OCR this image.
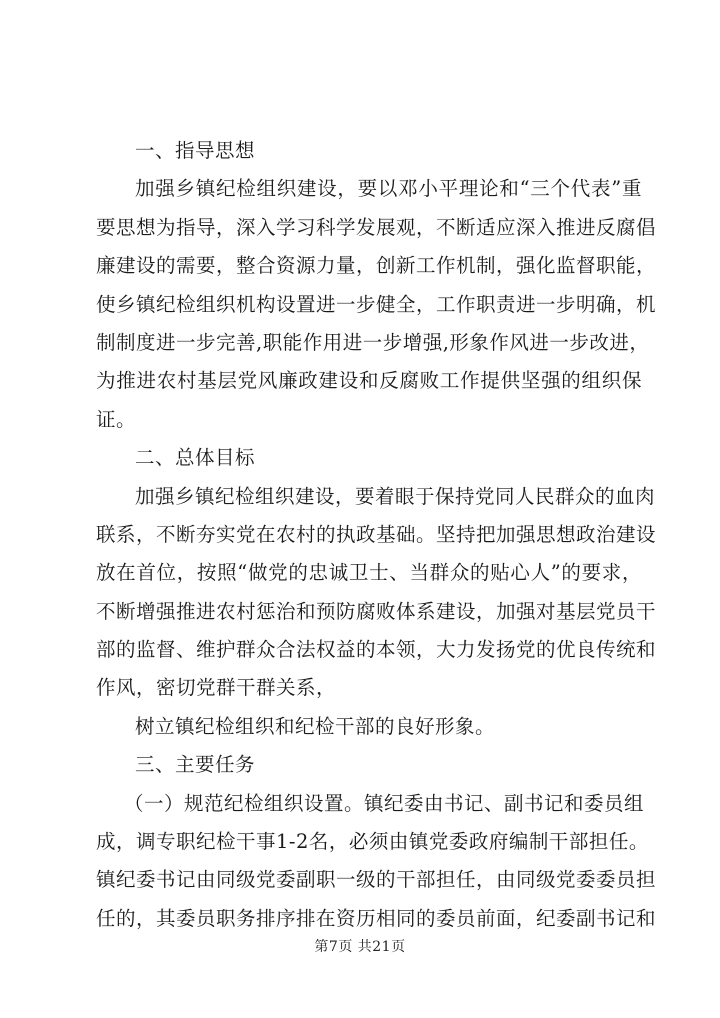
一、指导思想
加强乡镇纪检组织建设，要以邓小平理论和“三个代表”重
要思想为指导，深入学习科学发展观，不断适应深入推进反腐倡
廉建设的需要，整合资源力量，创新工作机制，强化监督职能，
使乡镇纪检组织机构设置进一步健全，工作职责进一步明确，机
制制度进一步完善,职能作用进一步增强,形象作风进一步改进，
为推进农村基层党风廉政建设和反腐败工作提供坚强的组织保
证。
二、总体目标
加强乡镇纪检组织建设，要着眼于保持党同人民群众的血肉
联系，不断夯实党在农村的执政基础。坚持把加强思想政治建设
放在首位，按照“做党的忠诚卫士、当群众的贴心人”的要求，
不断增强推进农村惩治和预防腐败体系建设，加强对基层党员干
部的监督、维护群众合法权益的本领，大力发扬党的优良传统和
作风，密切党群干群关系，
树立镇纪检组织和纪检干部的良好形象。
三、主要任务
（一）规范纪检组织设置。镇纪委由书记、副书记和委员组
成，调专职纪检干事1-2名，必须由镇党委政府编制干部担任。
镇纪委书记由同级党委副职一级的干部担任，由同级党委委员担
任的，其委员职务排序排在资历相同的委员前面，纪委副书记和
第7页 共21页
